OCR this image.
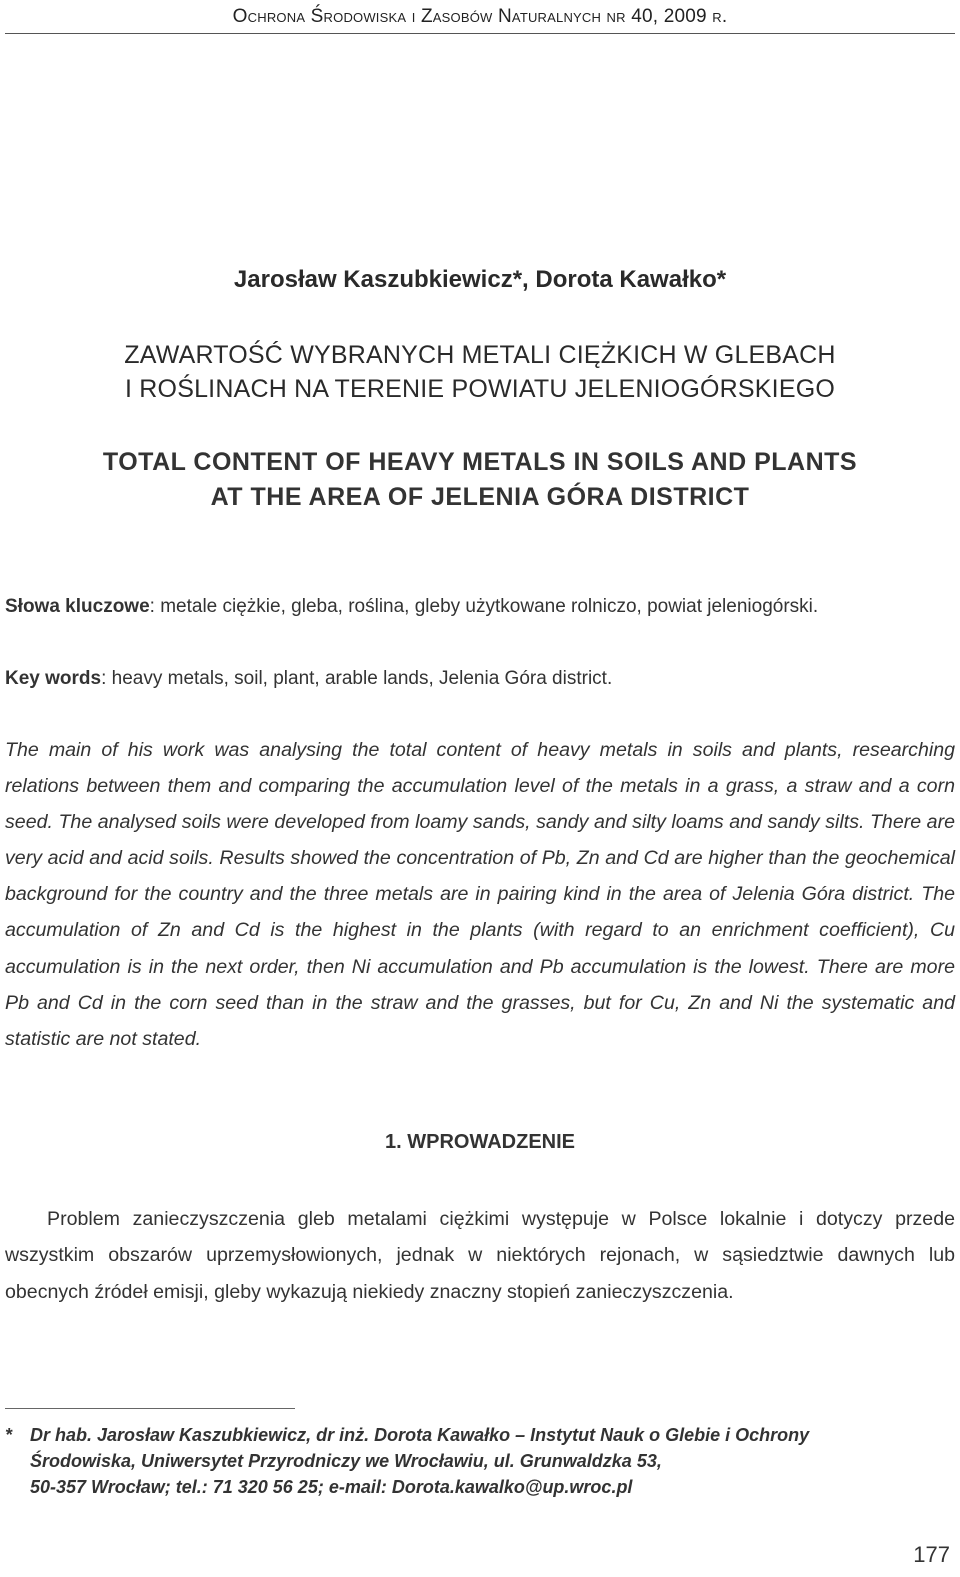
Ochrona Środowiska i Zasobów Naturalnych nr 40, 2009 r.
Jarosław Kaszubkiewicz*, Dorota Kawałko*
ZAWARTOŚĆ WYBRANYCH METALI CIĘŻKICH W GLEBACH
I ROŚLINACH NA TERENIE POWIATU JELENIOGÓRSKIEGO
TOTAL CONTENT OF HEAVY METALS IN SOILS AND PLANTS
AT THE AREA OF JELENIA GÓRA DISTRICT
Słowa kluczowe: metale ciężkie, gleba, roślina, gleby użytkowane rolniczo, powiat jeleniogórski.
Key words: heavy metals, soil, plant, arable lands, Jelenia Góra district.
The main of his work was analysing the total content of heavy metals in soils and plants, researching relations between them and comparing the accumulation level of the metals in a grass, a straw and a corn seed. The analysed soils were developed from loamy sands, sandy and silty loams and sandy silts. There are very acid and acid soils. Results showed the concentration of Pb, Zn and Cd are higher than the geochemical background for the country and the three metals are in pairing kind in the area of Jelenia Góra district. The accumulation of Zn and Cd is the highest in the plants (with regard to an enrichment coefficient), Cu accumulation is in the next order, then Ni accumulation and Pb accumulation is the lowest. There are more Pb and Cd in the corn seed than in the straw and the grasses, but for Cu, Zn and Ni the systematic and statistic are not stated.
1. WPROWADZENIE
Problem zanieczyszczenia gleb metalami ciężkimi występuje w Polsce lokalnie i dotyczy przede wszystkim obszarów uprzemysłowionych, jednak w niektórych rejonach, w sąsiedztwie dawnych lub obecnych źródeł emisji, gleby wykazują niekiedy znaczny stopień zanieczyszczenia.
* Dr hab. Jarosław Kaszubkiewicz, dr inż. Dorota Kawałko – Instytut Nauk o Glebie i Ochrony
Środowiska, Uniwersytet Przyrodniczy we Wrocławiu, ul. Grunwaldzka 53,
50-357 Wrocław; tel.: 71 320 56 25; e-mail: Dorota.kawalko@up.wroc.pl
177
